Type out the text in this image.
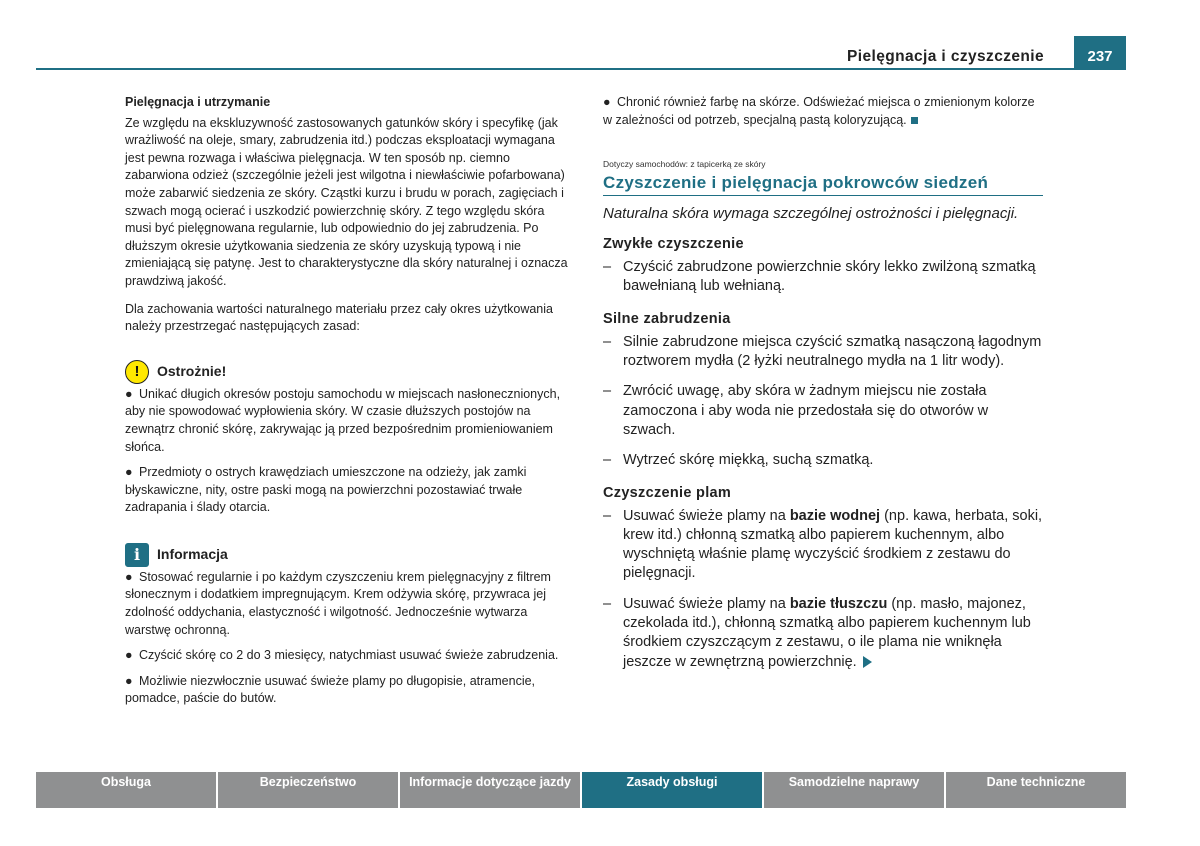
Pielęgnacja i czyszczenie	237
Pielęgnacja i utrzymanie

Ze względu na ekskluzywność zastosowanych gatunków skóry i specyfikę (jak wrażliwość na oleje, smary, zabrudzenia itd.) podczas eksploatacji wymagana jest pewna rozwaga i właściwa pielęgnacja. W ten sposób np. ciemno zabarwiona odzież (szczególnie jeżeli jest wilgotna i niewłaściwie pofarbowana) może zabarwić siedzenia ze skóry. Cząstki kurzu i brudu w porach, zagięciach i szwach mogą ocierać i uszkodzić powierzchnię skóry. Z tego względu skóra musi być pielęgnowana regularnie, lub odpowiednio do jej zabrudzenia. Po dłuższym okresie użytkowania siedzenia ze skóry uzyskują typową i nie zmieniającą się patynę. Jest to charakterystyczne dla skóry naturalnej i oznacza prawdziwą jakość.

Dla zachowania wartości naturalnego materiału przez cały okres użytkowania należy przestrzegać następujących zasad:

!	Ostrożnie!
● Unikać długich okresów postoju samochodu w miejscach nasłonecznionych, aby nie spowodować wypłowienia skóry. W czasie dłuższych postojów na zewnątrz chronić skórę, zakrywając ją przed bezpośrednim promieniowaniem słońca.
● Przedmioty o ostrych krawędziach umieszczone na odzieży, jak zamki błyskawiczne, nity, ostre paski mogą na powierzchni pozostawiać trwałe zadrapania i ślady otarcia.
i	Informacja
● Stosować regularnie i po każdym czyszczeniu krem pielęgnacyjny z filtrem słonecznym i dodatkiem impregnującym. Krem odżywia skórę, przywraca jej zdolność oddychania, elastyczność i wilgotność. Jednocześnie wytwarza warstwę ochronną.
● Czyścić skórę co 2 do 3 miesięcy, natychmiast usuwać świeże zabrudzenia.
● Możliwie niezwłocznie usuwać świeże plamy po długopisie, atramencie, pomadce, paście do butów.
● Chronić również farbę na skórze. Odświeżać miejsca o zmienionym kolorze w zależności od potrzeb, specjalną pastą koloryzującą.
Dotyczy samochodów: z tapicerką ze skóry
Czyszczenie i pielęgnacja pokrowców siedzeń

Naturalna skóra wymaga szczególnej ostrożności i pielęgnacji.

Zwykłe czyszczenie
– Czyścić zabrudzone powierzchnie skóry lekko zwilżoną szmatką bawełnianą lub wełnianą.
Silne zabrudzenia
– Silnie zabrudzone miejsca czyścić szmatką nasączoną łagodnym roztworem mydła (2 łyżki neutralnego mydła na 1 litr wody).
– Zwrócić uwagę, aby skóra w żadnym miejscu nie została zamoczona i aby woda nie przedostała się do otworów w szwach.
– Wytrzeć skórę miękką, suchą szmatką.
Czyszczenie plam
– Usuwać świeże plamy na bazie wodnej (np. kawa, herbata, soki, krew itd.) chłonną szmatką albo papierem kuchennym, albo wyschniętą właśnie plamę wyczyścić środkiem z zestawu do pielęgnacji.
– Usuwać świeże plamy na bazie tłuszczu (np. masło, majonez, czekolada itd.), chłonną szmatką albo papierem kuchennym lub środkiem czyszczącym z zestawu, o ile plama nie wniknęła jeszcze w zewnętrzną powierzchnię.
Obsługa	Bezpieczeństwo	Informacje dotyczące jazdy	Zasady obsługi	Samodzielne naprawy	Dane techniczne
